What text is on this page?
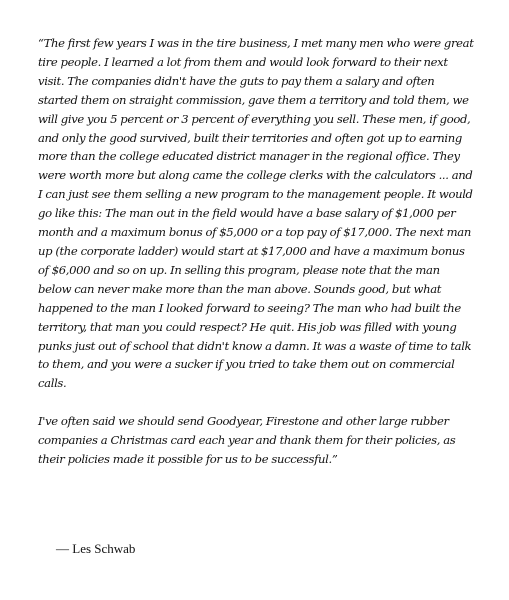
“The first few years I was in the tire business, I met many men who were great tire people. I learned a lot from them and would look forward to their next visit. The companies didn't have the guts to pay them a salary and often started them on straight commission, gave them a territory and told them, we will give you 5 percent or 3 percent of everything you sell. These men, if good, and only the good survived, built their territories and often got up to earning more than the college educated district manager in the regional office. They were worth more but along came the college clerks with the calculators ... and I can just see them selling a new program to the management people. It would go like this: The man out in the field would have a base salary of $1,000 per month and a maximum bonus of $5,000 or a top pay of $17,000. The next man up (the corporate ladder) would start at $17,000 and have a maximum bonus of $6,000 and so on up. In selling this program, please note that the man below can never make more than the man above. Sounds good, but what happened to the man I looked forward to seeing? The man who had built the territory, that man you could respect? He quit. His job was filled with young punks just out of school that didn't know a damn. It was a waste of time to talk to them, and you were a sucker if you tried to take them out on commercial calls.

I've often said we should send Goodyear, Firestone and other large rubber companies a Christmas card each year and thank them for their policies, as their policies made it possible for us to be successful.”

— Les Schwab
